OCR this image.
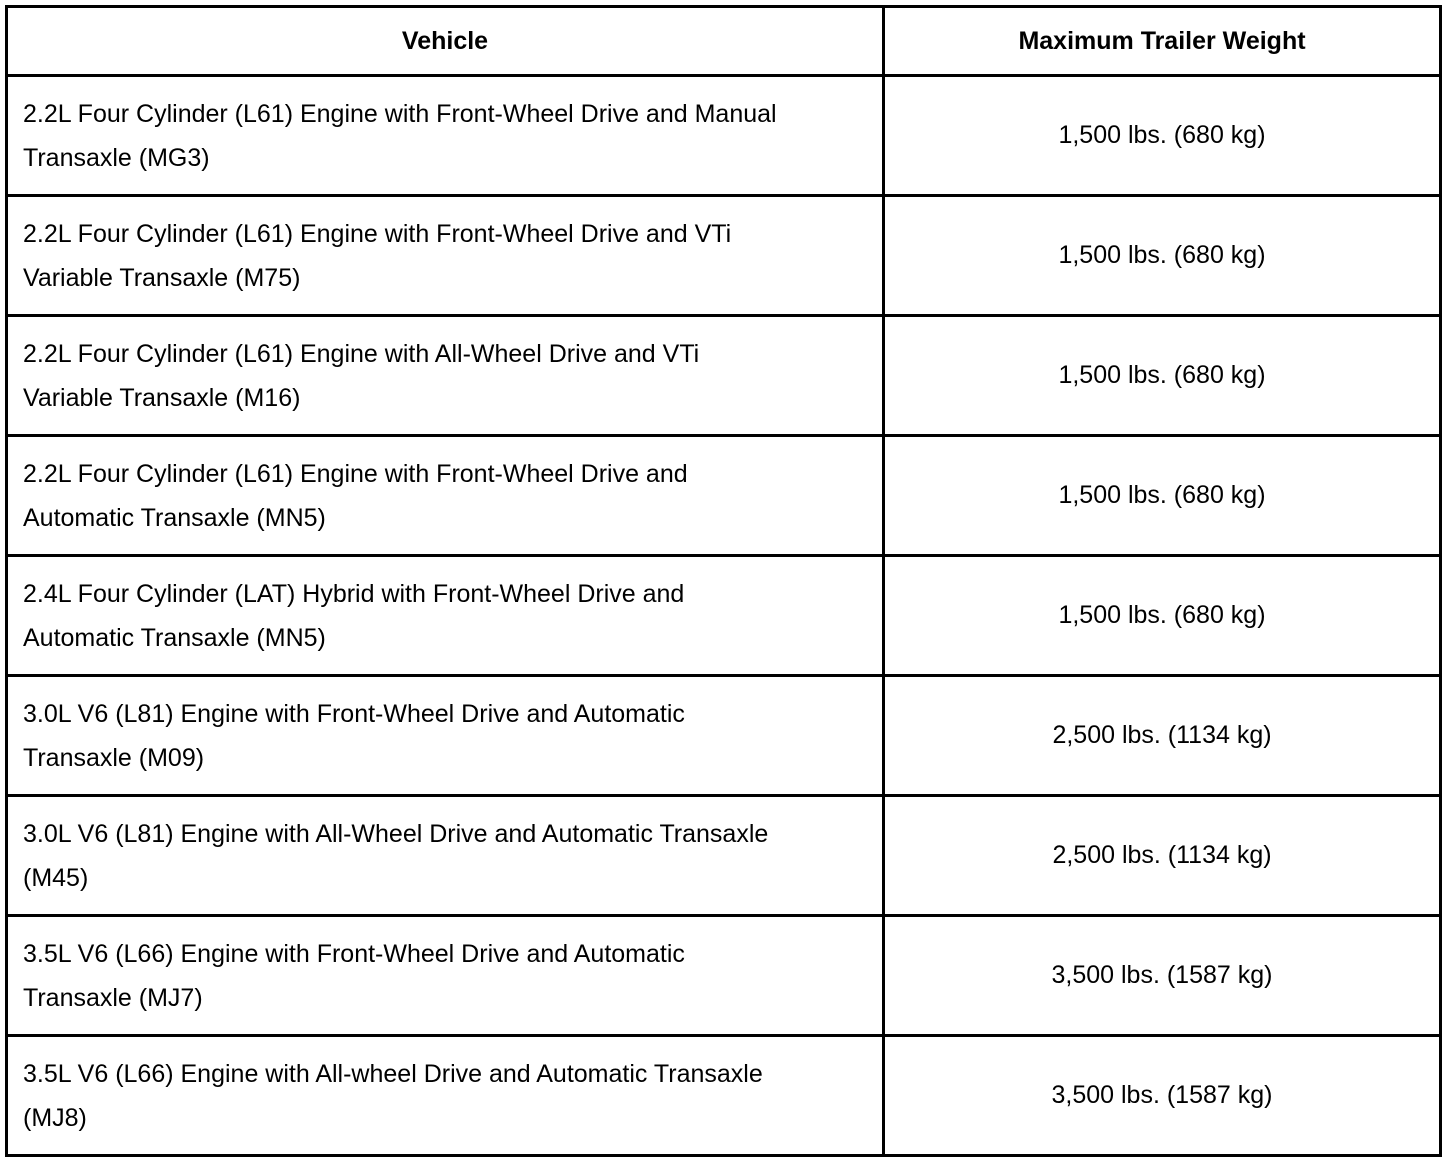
Vehicle	Maximum Trailer Weight
2.2L Four Cylinder (L61) Engine with Front-Wheel Drive and Manual Transaxle (MG3)	1,500 lbs. (680 kg)
2.2L Four Cylinder (L61) Engine with Front-Wheel Drive and VTi Variable Transaxle (M75)	1,500 lbs. (680 kg)
2.2L Four Cylinder (L61) Engine with All-Wheel Drive and VTi Variable Transaxle (M16)	1,500 lbs. (680 kg)
2.2L Four Cylinder (L61) Engine with Front-Wheel Drive and Automatic Transaxle (MN5)	1,500 lbs. (680 kg)
2.4L Four Cylinder (LAT) Hybrid with Front-Wheel Drive and Automatic Transaxle (MN5)	1,500 lbs. (680 kg)
3.0L V6 (L81) Engine with Front-Wheel Drive and Automatic Transaxle (M09)	2,500 lbs. (1134 kg)
3.0L V6 (L81) Engine with All-Wheel Drive and Automatic Transaxle (M45)	2,500 lbs. (1134 kg)
3.5L V6 (L66) Engine with Front-Wheel Drive and Automatic Transaxle (MJ7)	3,500 lbs. (1587 kg)
3.5L V6 (L66) Engine with All-wheel Drive and Automatic Transaxle (MJ8)	3,500 lbs. (1587 kg)
